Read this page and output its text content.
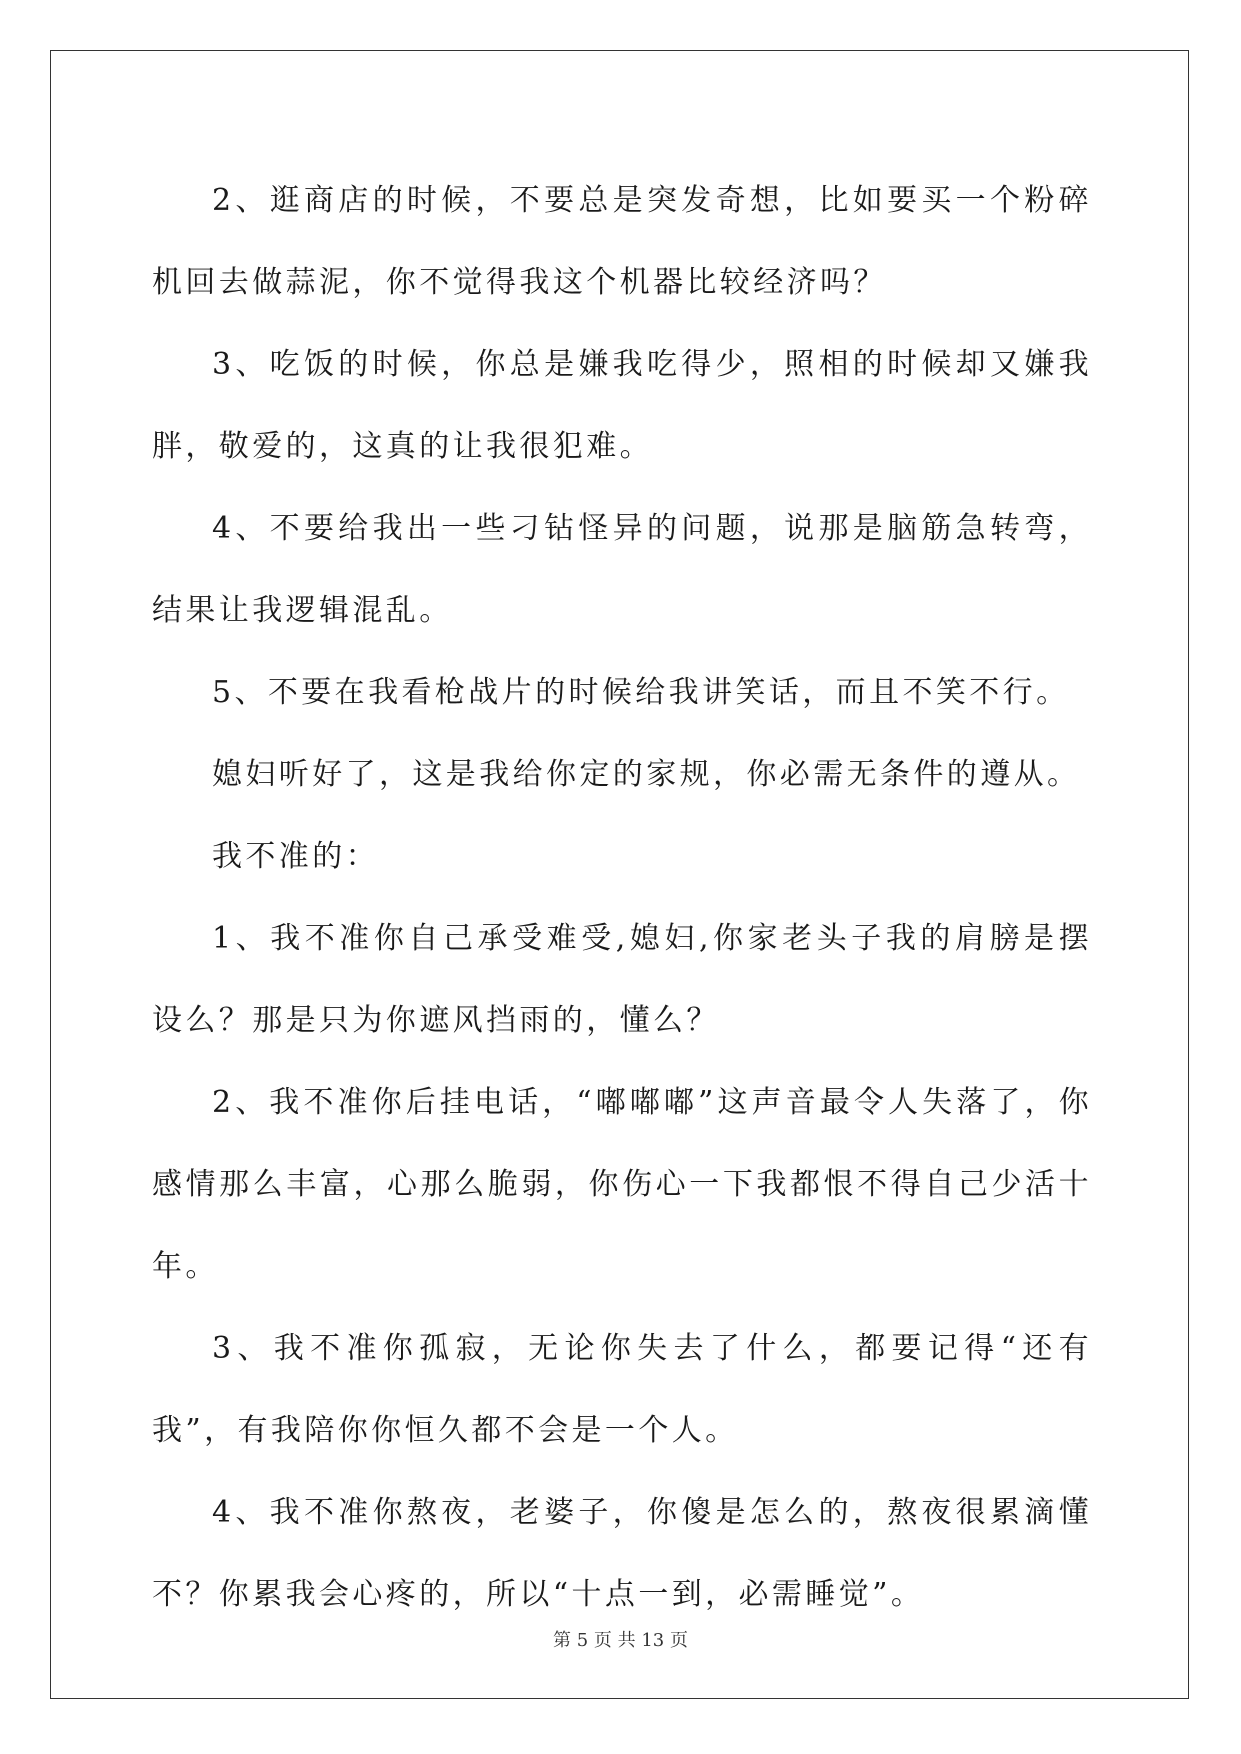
2、逛商店的时候，不要总是突发奇想，比如要买一个粉碎机回去做蒜泥，你不觉得我这个机器比较经济吗？

3、吃饭的时候，你总是嫌我吃得少，照相的时候却又嫌我胖，敬爱的，这真的让我很犯难。

4、不要给我出一些刁钻怪异的问题，说那是脑筋急转弯，结果让我逻辑混乱。

5、不要在我看枪战片的时候给我讲笑话，而且不笑不行。

媳妇听好了，这是我给你定的家规，你必需无条件的遵从。

我不准的：

1、我不准你自己承受难受,媳妇,你家老头子我的肩膀是摆设么？那是只为你遮风挡雨的，懂么？

2、我不准你后挂电话，“嘟嘟嘟”这声音最令人失落了，你感情那么丰富，心那么脆弱，你伤心一下我都恨不得自己少活十年。

3、我不准你孤寂，无论你失去了什么，都要记得“还有我”，有我陪你你恒久都不会是一个人。

4、我不准你熬夜，老婆子，你傻是怎么的，熬夜很累滴懂不？你累我会心疼的，所以“十点一到，必需睡觉”。

第 5 页 共 13 页
